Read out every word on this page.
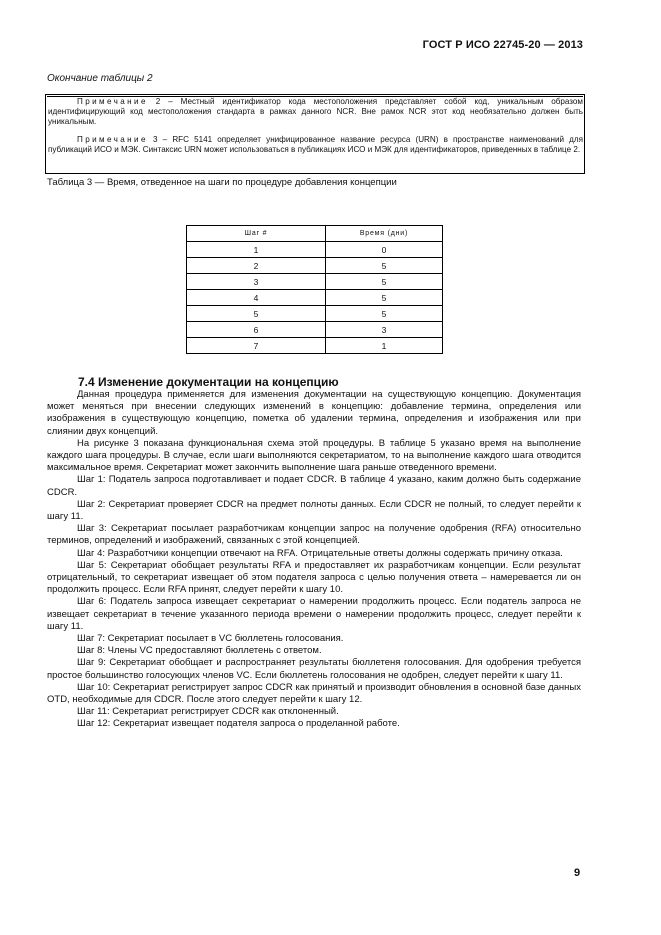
ГОСТ Р ИСО 22745-20 — 2013
Окончание таблицы 2

Примечание 2 – Местный идентификатор кода местоположения представляет собой код, уникальным образом идентифицирующий код местоположения стандарта в рамках данного NCR. Вне рамок NCR этот код необязательно должен быть уникальным.

Примечание 3 – RFC 5141 определяет унифицированное название ресурса (URN) в пространстве наименований для публикаций ИСО и МЭК. Синтаксис URN может использоваться в публикациях ИСО и МЭК для идентификаторов, приведенных в таблице 2.

Таблица 3 — Время, отведенное на шаги по процедуре добавления концепции
Шаг #	Время (дни)
1	0
2	5
3	5
4	5
5	5
6	3
7	1
7.4 Изменение документации на концепцию

Данная процедура применяется для изменения документации на существующую концепцию. Документация может меняться при внесении следующих изменений в концепцию: добавление термина, определения или изображения в существующую концепцию, пометка об удалении термина, определения и изображения или при слиянии двух концепций.

На рисунке 3 показана функциональная схема этой процедуры. В таблице 5 указано время на выполнение каждого шага процедуры. В случае, если шаги выполняются секретариатом, то на выполнение каждого шага отводится максимальное время. Секретариат может закончить выполнение шага раньше отведенного времени.

Шаг 1: Податель запроса подготавливает и подает CDCR. В таблице 4 указано, каким должно быть содержание CDCR.

Шаг 2: Секретариат проверяет CDCR на предмет полноты данных. Если CDCR не полный, то следует перейти к шагу 11.

Шаг 3: Секретариат посылает разработчикам концепции запрос на получение одобрения (RFA) относительно терминов, определений и изображений, связанных с этой концепцией.

Шаг 4: Разработчики концепции отвечают на RFA. Отрицательные ответы должны содержать причину отказа.

Шаг 5: Секретариат обобщает результаты RFA и предоставляет их разработчикам концепции. Если результат отрицательный, то секретариат извещает об этом подателя запроса с целью получения ответа – намеревается ли он продолжить процесс. Если RFA принят, следует перейти к шагу 10.

Шаг 6: Податель запроса извещает секретариат о намерении продолжить процесс. Если податель запроса не извещает секретариат в течение указанного периода времени о намерении продолжить процесс, следует перейти к шагу 11.

Шаг 7: Секретариат посылает в VC бюллетень голосования.

Шаг 8: Члены VC предоставляют бюллетень с ответом.

Шаг 9: Секретариат обобщает и распространяет результаты бюллетеня голосования. Для одобрения требуется простое большинство голосующих членов VC. Если бюллетень голосования не одобрен, следует перейти к шагу 11.

Шаг 10: Секретариат регистрирует запрос CDCR как принятый и производит обновления в основной базе данных OTD, необходимые для CDCR. После этого следует перейти к шагу 12.

Шаг 11: Секретариат регистрирует CDCR как отклоненный.

Шаг 12: Секретариат извещает подателя запроса о проделанной работе.

9
